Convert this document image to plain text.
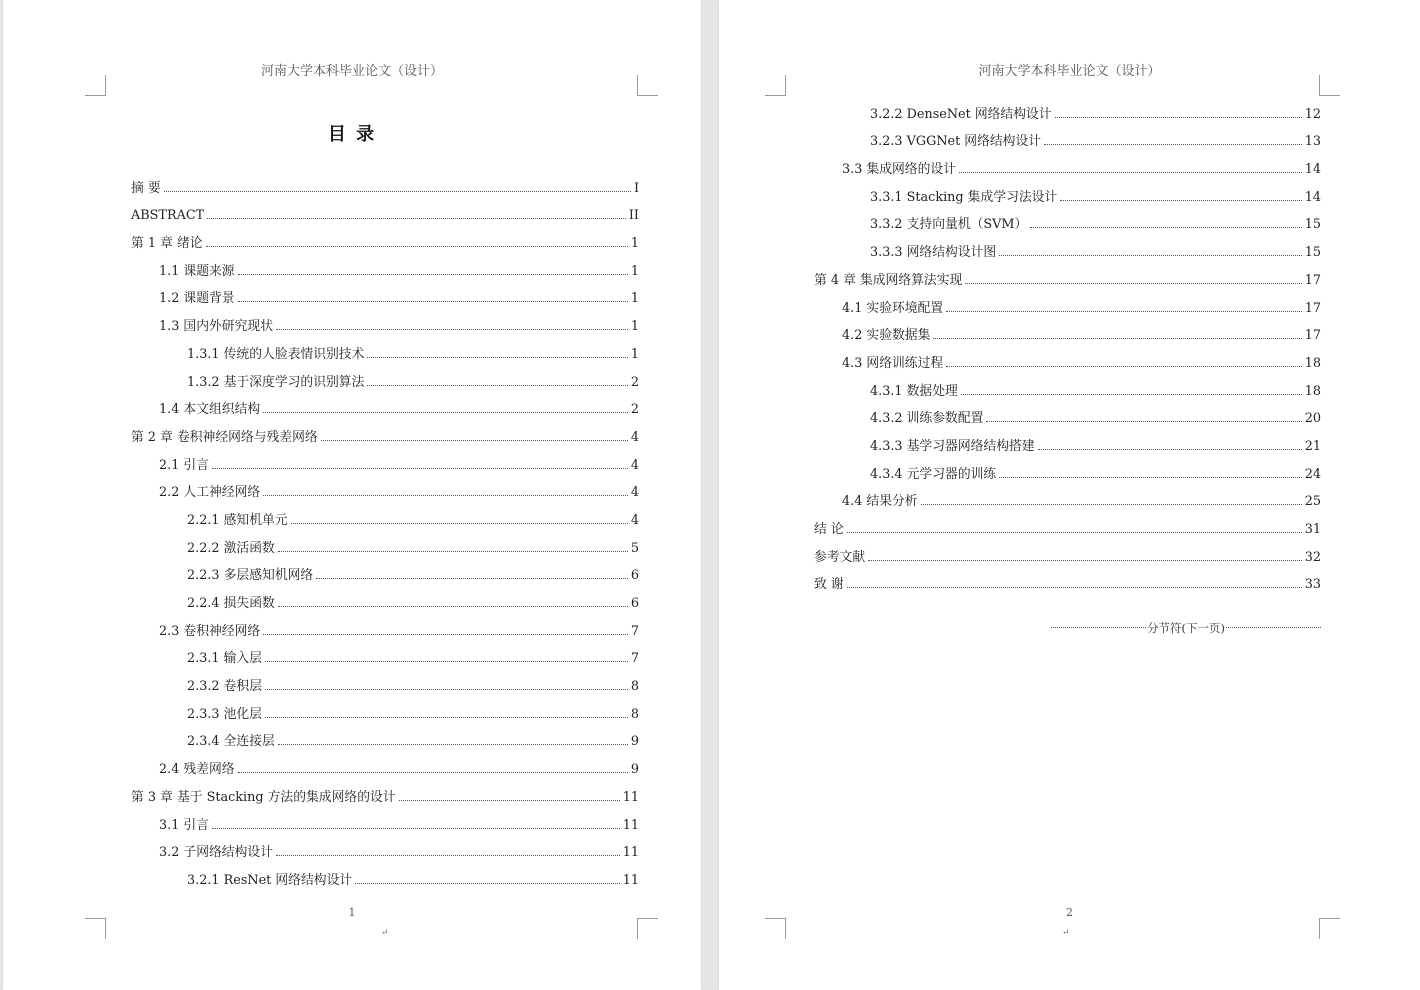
河南大学本科毕业论文（设计）
目 录
摘 要	I
ABSTRACT	II
第 1 章 绪论	1
1.1 课题来源	1
1.2 课题背景	1
1.3 国内外研究现状	1
1.3.1 传统的人脸表情识别技术	1
1.3.2 基于深度学习的识别算法	2
1.4 本文组织结构	2
第 2 章 卷积神经网络与残差网络	4
2.1 引言	4
2.2 人工神经网络	4
2.2.1 感知机单元	4
2.2.2 激活函数	5
2.2.3 多层感知机网络	6
2.2.4 损失函数	6
2.3 卷积神经网络	7
2.3.1 输入层	7
2.3.2 卷积层	8
2.3.3 池化层	8
2.3.4 全连接层	9
2.4 残差网络	9
第 3 章 基于 Stacking 方法的集成网络的设计	11
3.1 引言	11
3.2 子网络结构设计	11
3.2.1 ResNet 网络结构设计	11
1
↵
河南大学本科毕业论文（设计）
3.2.2 DenseNet 网络结构设计	12
3.2.3 VGGNet 网络结构设计	13
3.3 集成网络的设计	14
3.3.1 Stacking 集成学习法设计	14
3.3.2 支持向量机（SVM）	15
3.3.3 网络结构设计图	15
第 4 章 集成网络算法实现	17
4.1 实验环境配置	17
4.2 实验数据集	17
4.3 网络训练过程	18
4.3.1 数据处理	18
4.3.2 训练参数配置	20
4.3.3 基学习器网络结构搭建	21
4.3.4 元学习器的训练	24
4.4 结果分析	25
结 论	31
参考文献	32
致 谢	33
分节符(下一页)
2
↵
